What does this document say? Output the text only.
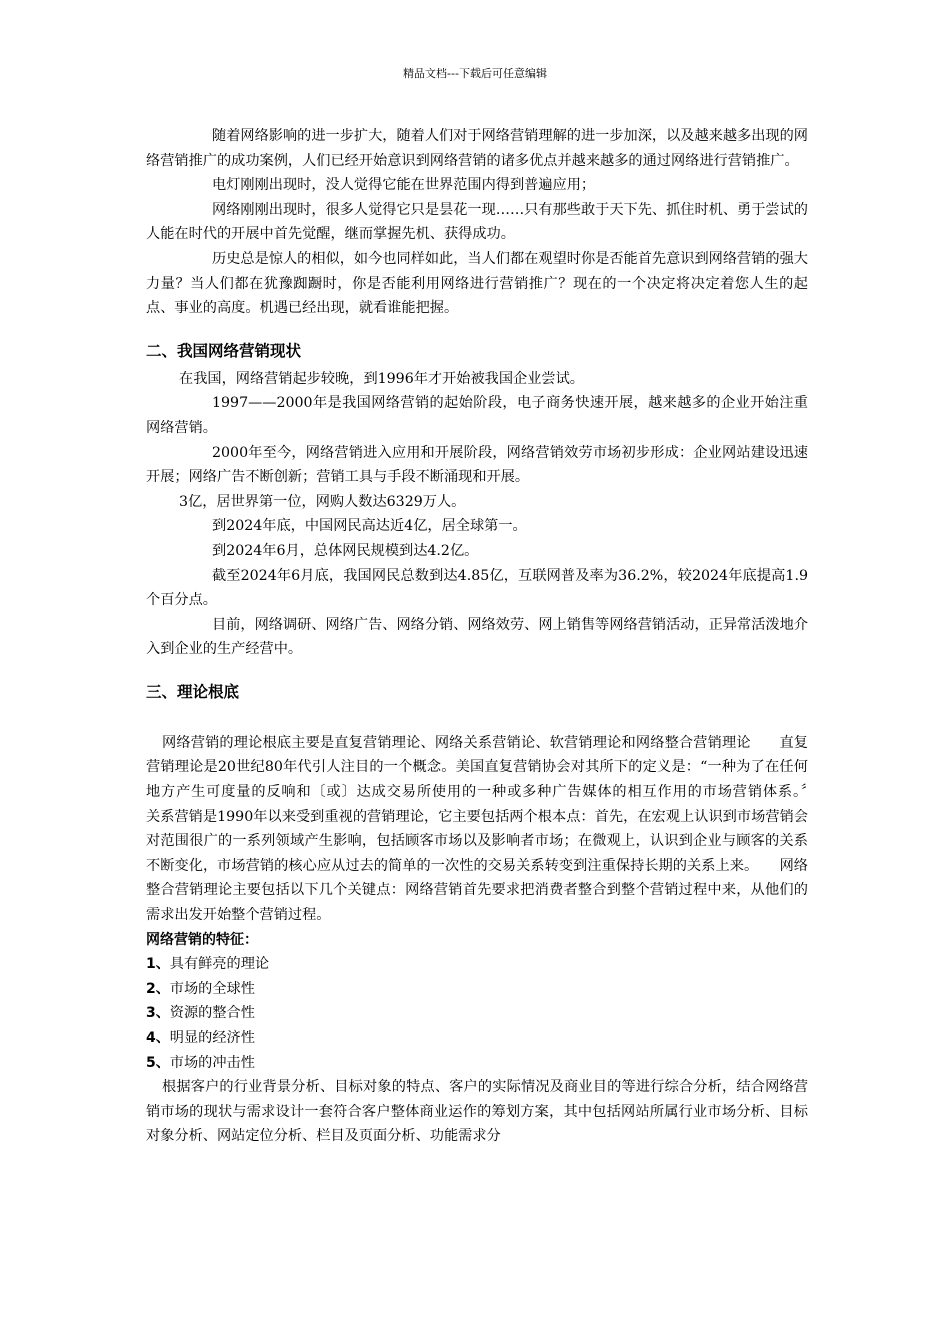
精品文档---下载后可任意编辑

随着网络影响的进一步扩大，随着人们对于网络营销理解的进一步加深，以及越来越多出现的网络营销推广的成功案例，人们已经开始意识到网络营销的诸多优点并越来越多的通过网络进行营销推广。

电灯刚刚出现时，没人觉得它能在世界范围内得到普遍应用；

网络刚刚出现时，很多人觉得它只是昙花一现……只有那些敢于天下先、抓住时机、勇于尝试的人能在时代的开展中首先觉醒，继而掌握先机、获得成功。

历史总是惊人的相似，如今也同样如此，当人们都在观望时你是否能首先意识到网络营销的强大力量？当人们都在犹豫踟蹰时，你是否能利用网络进行营销推广？现在的一个决定将决定着您人生的起点、事业的高度。机遇已经出现，就看谁能把握。

二、我国网络营销现状

在我国，网络营销起步较晚，到1996年才开始被我国企业尝试。

1997——2000年是我国网络营销的起始阶段，电子商务快速开展，越来越多的企业开始注重网络营销。

2000年至今，网络营销进入应用和开展阶段，网络营销效劳市场初步形成：企业网站建设迅速开展；网络广告不断创新；营销工具与手段不断涌现和开展。

3亿，居世界第一位，网购人数达6329万人。

到2024年底，中国网民高达近4亿，居全球第一。

到2024年6月，总体网民规模到达4.2亿。

截至2024年6月底，我国网民总数到达4.85亿，互联网普及率为36.2%，较2024年底提高1.9个百分点。

目前，网络调研、网络广告、网络分销、网络效劳、网上销售等网络营销活动，正异常活泼地介入到企业的生产经营中。

三、理论根底

网络营销的理论根底主要是直复营销理论、网络关系营销论、软营销理论和网络整合营销理论　　直复营销理论是20世纪80年代引人注目的一个概念。美国直复营销协会对其所下的定义是：“一种为了在任何地方产生可度量的反响和〔或〕达成交易所使用的一种或多种广告媒体的相互作用的市场营销体系。〞　　关系营销是1990年以来受到重视的营销理论，它主要包括两个根本点：首先，在宏观上认识到市场营销会对范围很广的一系列领域产生影响，包括顾客市场以及影响者市场；在微观上，认识到企业与顾客的关系不断变化，市场营销的核心应从过去的简单的一次性的交易关系转变到注重保持长期的关系上来。　　网络整合营销理论主要包括以下几个关键点：网络营销首先要求把消费者整合到整个营销过程中来，从他们的需求出发开始整个营销过程。

网络营销的特征：

1、具有鲜亮的理论
2、市场的全球性
3、资源的整合性
4、明显的经济性
5、市场的冲击性

根据客户的行业背景分析、目标对象的特点、客户的实际情况及商业目的等进行综合分析，结合网络营销市场的现状与需求设计一套符合客户整体商业运作的筹划方案，其中包括网站所属行业市场分析、目标对象分析、网站定位分析、栏目及页面分析、功能需求分
